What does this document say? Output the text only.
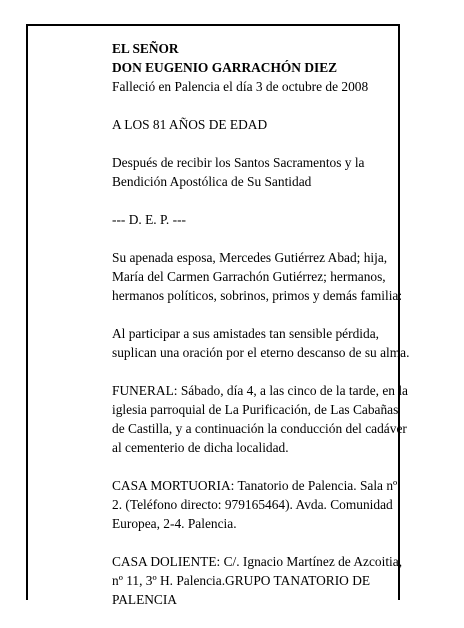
EL SEÑOR
DON EUGENIO GARRACHÓN DIEZ
Falleció en Palencia el día 3 de octubre de 2008

A LOS 81 AÑOS DE EDAD

Después de recibir los Santos Sacramentos y la
Bendición Apostólica de Su Santidad

--- D. E. P. ---

Su apenada esposa, Mercedes Gutiérrez Abad; hija,
María del Carmen Garrachón Gutiérrez; hermanos,
hermanos políticos, sobrinos, primos y demás familia:

Al participar a sus amistades tan sensible pérdida,
suplican una oración por el eterno descanso de su alma.

FUNERAL: Sábado, día 4, a las cinco de la tarde, en la
iglesia parroquial de La Purificación, de Las Cabañas
de Castilla, y a continuación la conducción del cadáver
al cementerio de dicha localidad.

CASA MORTUORIA: Tanatorio de Palencia. Sala nº
2. (Teléfono directo: 979165464). Avda. Comunidad
Europea, 2-4. Palencia.

CASA DOLIENTE: C/. Ignacio Martínez de Azcoitia,
nº 11, 3º H. Palencia.GRUPO TANATORIO DE
PALENCIA
